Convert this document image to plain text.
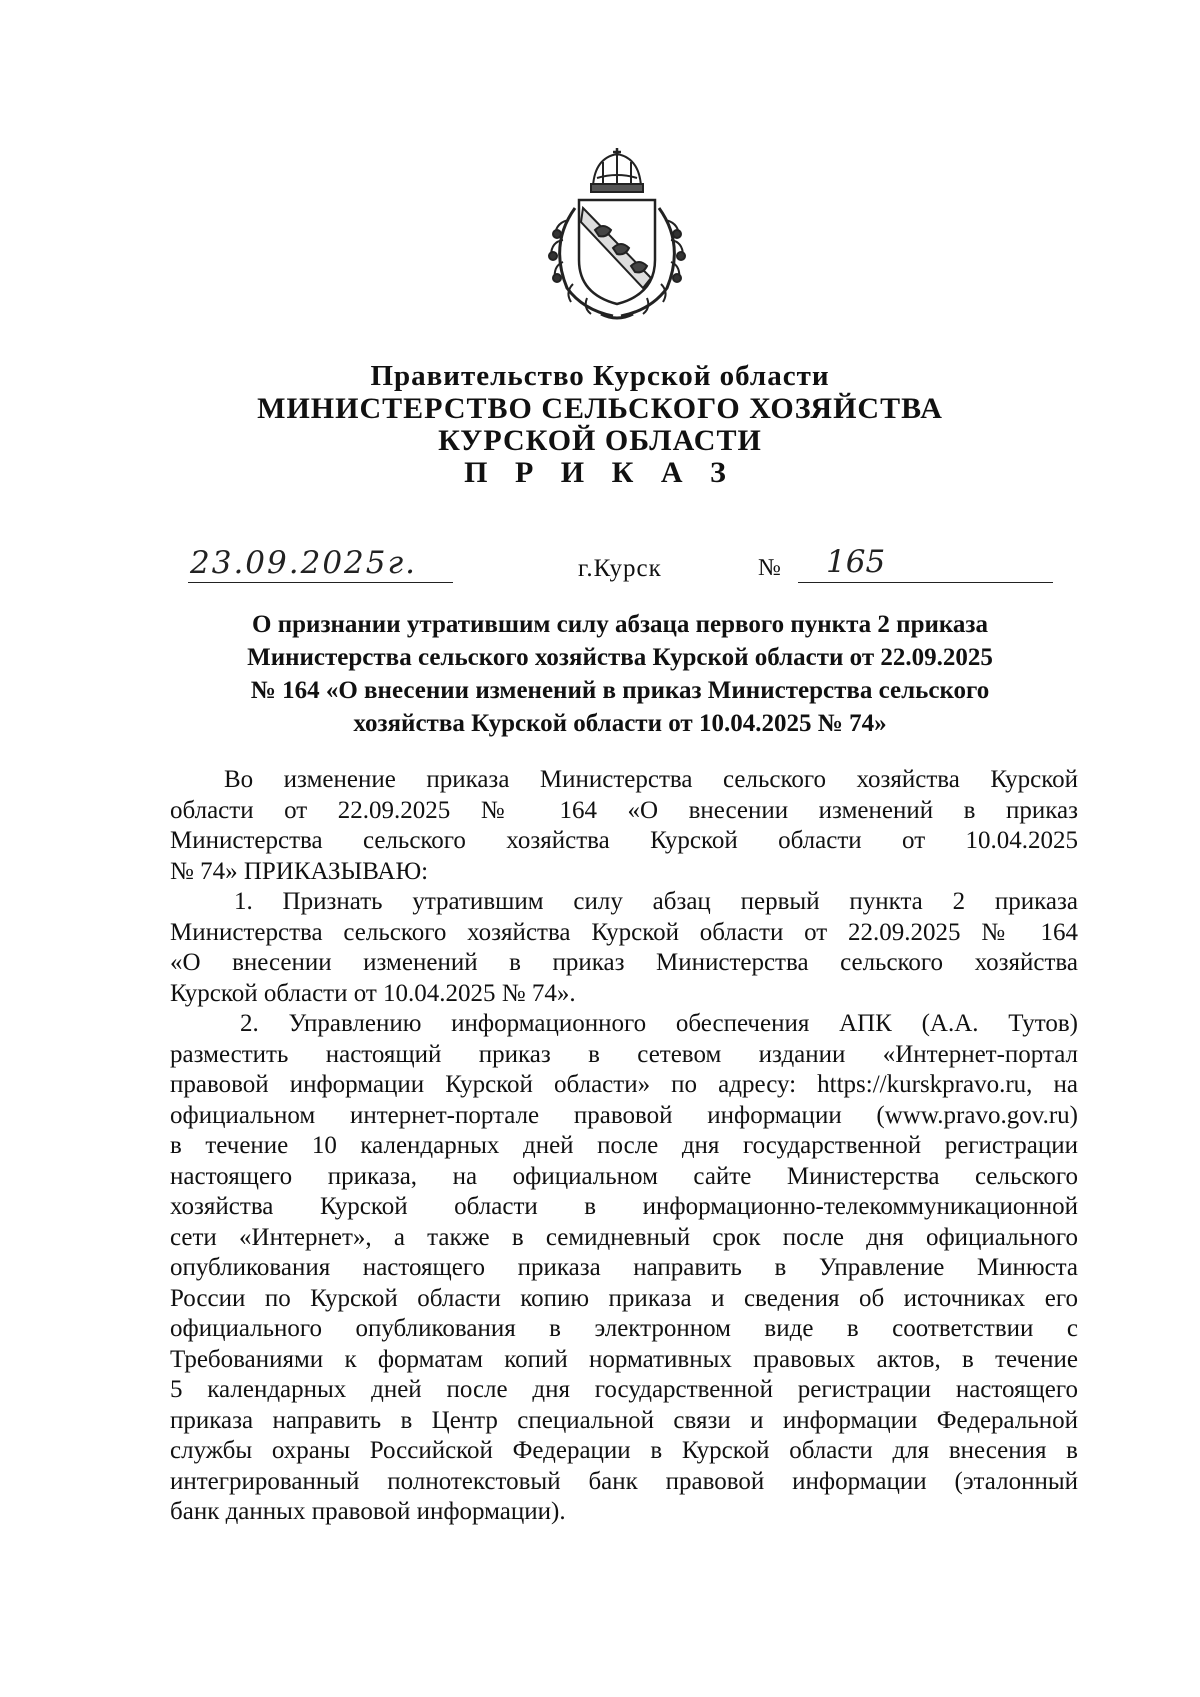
Правительство Курской области
МИНИСТЕРСТВО СЕЛЬСКОГО ХОЗЯЙСТВА
КУРСКОЙ ОБЛАСТИ
П Р И К А З
23.09.2025г.	г.Курск	№ 165
О признании утратившим силу абзаца первого пункта 2 приказа
Министерства сельского хозяйства Курской области от 22.09.2025
№ 164 «О внесении изменений в приказ Министерства сельского
хозяйства Курской области от 10.04.2025 № 74»
Во изменение приказа Министерства сельского хозяйства Курской
области от 22.09.2025 № 164 «О внесении изменений в приказ
Министерства сельского хозяйства Курской области от 10.04.2025
№ 74» ПРИКАЗЫВАЮ:
1. Признать утратившим силу абзац первый пункта 2 приказа
Министерства сельского хозяйства Курской области от 22.09.2025 № 164
«О внесении изменений в приказ Министерства сельского хозяйства
Курской области от 10.04.2025 № 74».
2. Управлению информационного обеспечения АПК (А.А. Тутов)
разместить настоящий приказ в сетевом издании «Интернет-портал
правовой информации Курской области» по адресу: https://kurskpravo.ru, на
официальном интернет-портале правовой информации (www.pravo.gov.ru)
в течение 10 календарных дней после дня государственной регистрации
настоящего приказа, на официальном сайте Министерства сельского
хозяйства Курской области в информационно-телекоммуникационной
сети «Интернет», а также в семидневный срок после дня официального
опубликования настоящего приказа направить в Управление Минюста
России по Курской области копию приказа и сведения об источниках его
официального опубликования в электронном виде в соответствии с
Требованиями к форматам копий нормативных правовых актов, в течение
5 календарных дней после дня государственной регистрации настоящего
приказа направить в Центр специальной связи и информации Федеральной
службы охраны Российской Федерации в Курской области для внесения в
интегрированный полнотекстовый банк правовой информации (эталонный
банк данных правовой информации).
